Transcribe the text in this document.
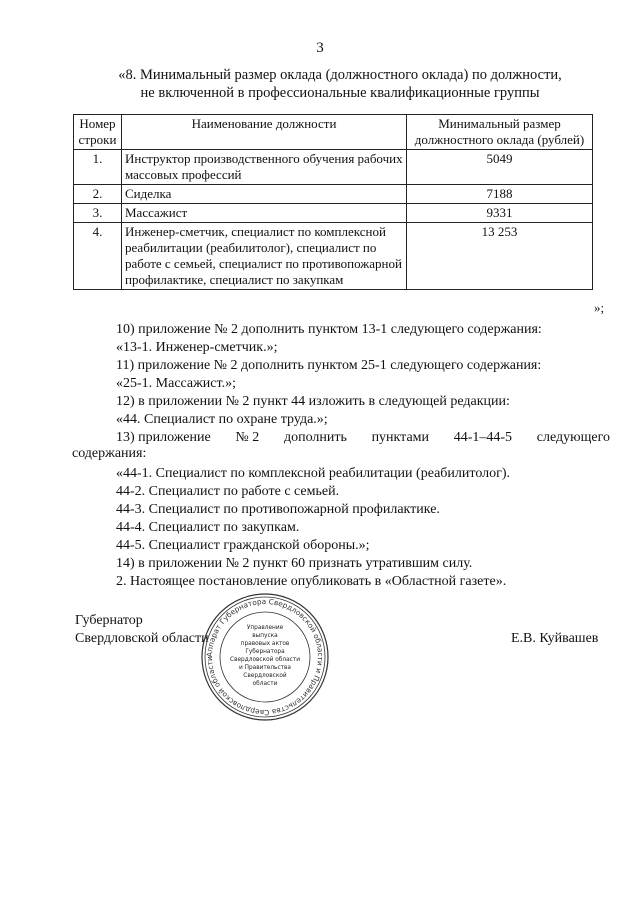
3
«8. Минимальный размер оклада (должностного оклада) по должности,
не включенной в профессиональные квалификационные группы
Номер строки	Наименование должности	Минимальный размер должностного оклада (рублей)
1.	Инструктор производственного обучения рабочих массовых профессий	5049
2.	Сиделка	7188
3.	Массажист	9331
4.	Инженер-сметчик, специалист по комплексной реабилитации (реабилитолог), специалист по работе с семьей, специалист по противопожарной профилактике, специалист по закупкам	13 253
»;
10) приложение № 2 дополнить пунктом 13-1 следующего содержания:
«13-1. Инженер-сметчик.»;
11) приложение № 2 дополнить пунктом 25-1 следующего содержания:
«25-1. Массажист.»;
12) в приложении № 2 пункт 44 изложить в следующей редакции:
«44. Специалист по охране труда.»;
13) приложение № 2 дополнить пунктами 44-1–44-5 следующего
содержания:
«44-1. Специалист по комплексной реабилитации (реабилитолог).
44-2. Специалист по работе с семьей.
44-3. Специалист по противопожарной профилактике.
44-4. Специалист по закупкам.
44-5. Специалист гражданской обороны.»;
14) в приложении № 2 пункт 60 признать утратившим силу.
2. Настоящее постановление опубликовать в «Областной газете».
Губернатор
Свердловской области	Е.В. Куйвашев
Аппарат Губернатора Свердловской области и Правительства Свердловской области
Управление
выпуска
правовых актов
Губернатора
Свердловской области
и Правительства
Свердловской
области
